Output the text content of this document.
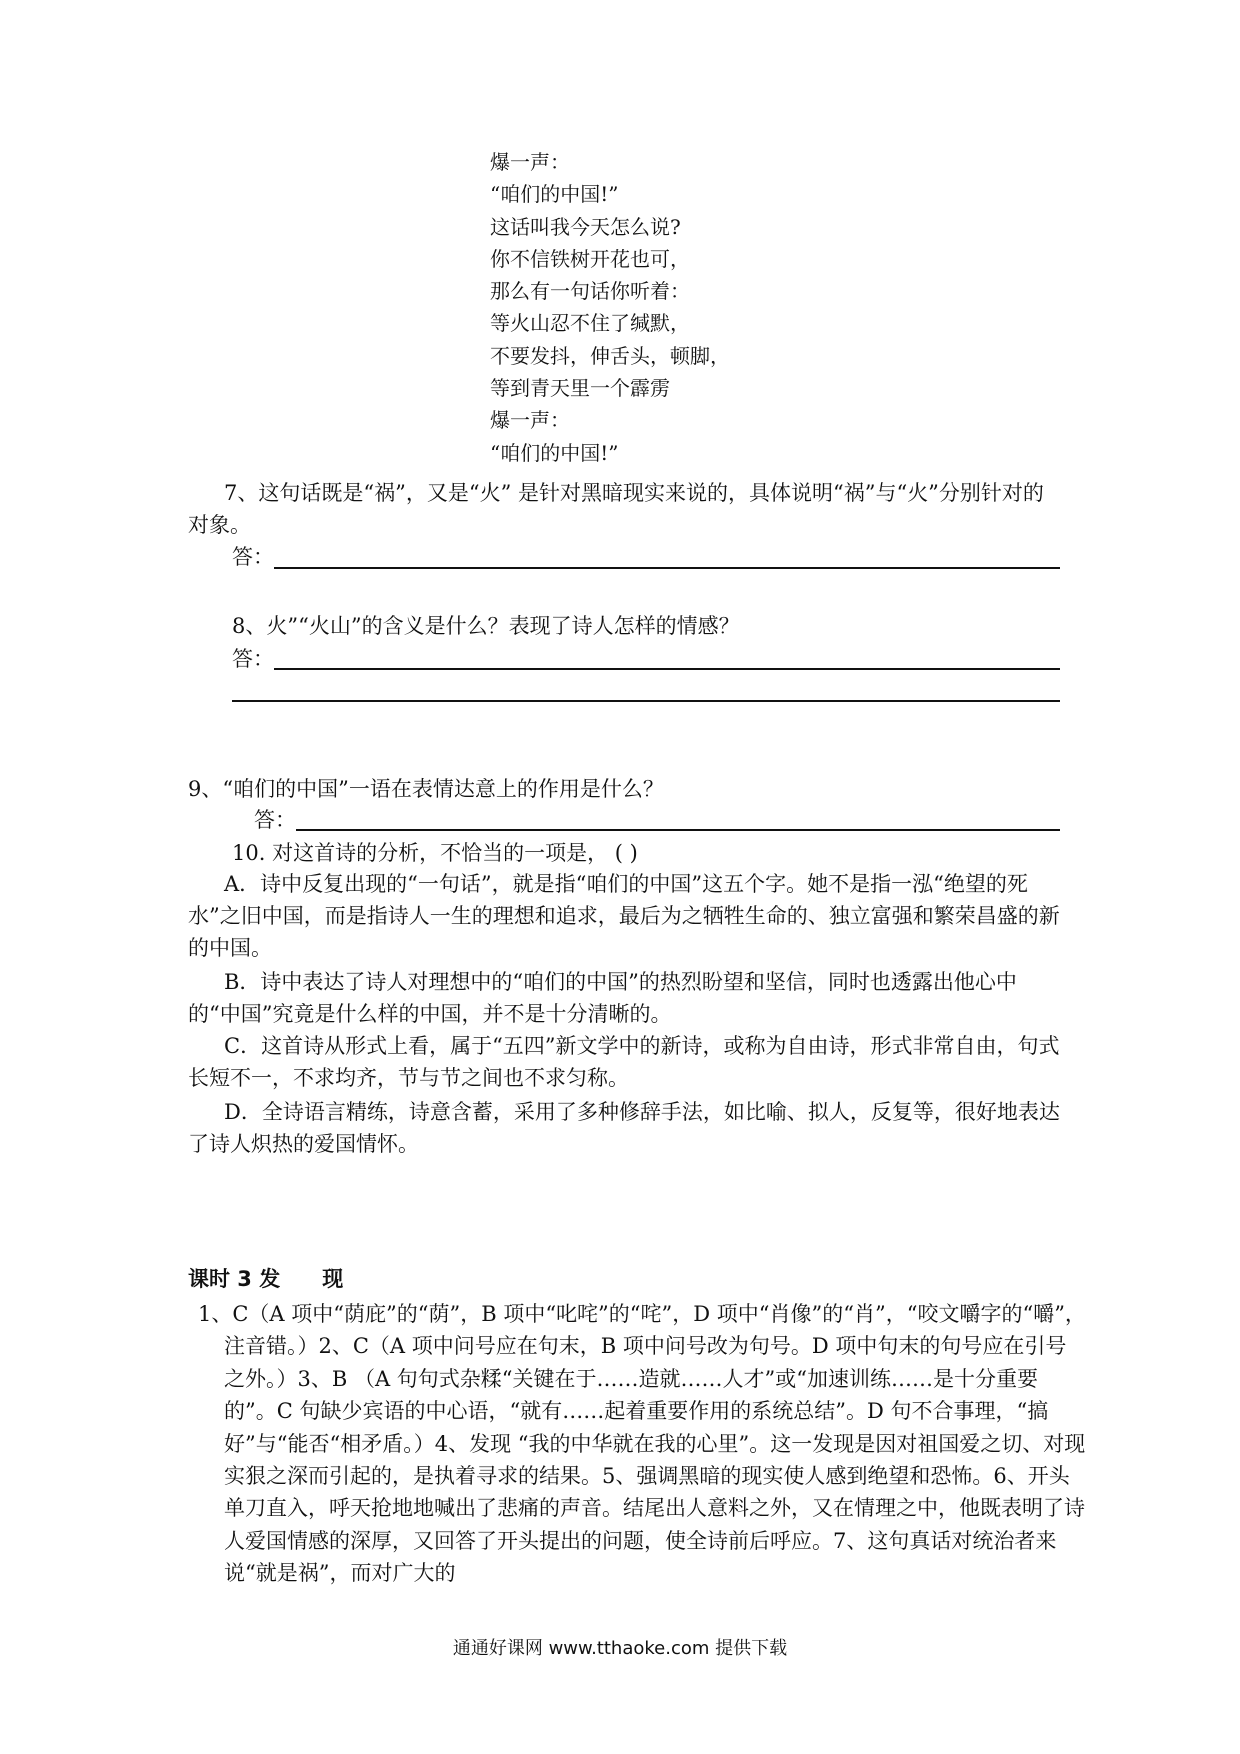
爆一声：
“咱们的中国!”
这话叫我今天怎么说?
你不信铁树开花也可，
那么有一句话你听着：
等火山忍不住了缄默，
不要发抖，伸舌头，顿脚，
等到青天里一个霹雳
爆一声：
“咱们的中国!”
7、这句话既是“祸”，又是“火” 是针对黑暗现实来说的，具体说明“祸”与“火”分别针对的对象。
答：
8、火”“火山”的含义是什么？表现了诗人怎样的情感？
答：
9、“咱们的中国”一语在表情达意上的作用是什么？
答：
10. 对这首诗的分析，不恰当的一项是， ( )
A．诗中反复出现的“一句话”，就是指“咱们的中国”这五个字。她不是指一泓“绝望的死水”之旧中国，而是指诗人一生的理想和追求，最后为之牺牲生命的、独立富强和繁荣昌盛的新的中国。
B．诗中表达了诗人对理想中的“咱们的中国”的热烈盼望和坚信，同时也透露出他心中的“中国”究竟是什么样的中国，并不是十分清晰的。
C．这首诗从形式上看，属于“五四”新文学中的新诗，或称为自由诗，形式非常自由，句式长短不一，不求均齐，节与节之间也不求匀称。
D．全诗语言精练，诗意含蓄，采用了多种修辞手法，如比喻、拟人，反复等，很好地表达了诗人炽热的爱国情怀。
课时 3 发　　现
1、C（A 项中“荫庇”的“荫”，B 项中“叱咤”的“咤”，D 项中“肖像”的“肖”，“咬文嚼字的“嚼”， 注音错。）2、C（A 项中问号应在句末，B 项中问号改为句号。D 项中句末的句号应在引号之外。）3、B （A 句句式杂糅“关键在于……造就……人才”或“加速训练……是十分重要的”。C 句缺少宾语的中心语，“就有……起着重要作用的系统总结”。D 句不合事理，“搞好”与“能否“相矛盾。）4、发现 “我的中华就在我的心里”。这一发现是因对祖国爱之切、对现实狠之深而引起的，是执着寻求的结果。5、强调黑暗的现实使人感到绝望和恐怖。6、开头单刀直入，呼天抢地地喊出了悲痛的声音。结尾出人意料之外，又在情理之中，他既表明了诗人爱国情感的深厚，又回答了开头提出的问题，使全诗前后呼应。7、这句真话对统治者来说“就是祸”，而对广大的
通通好课网 www.tthaoke.com 提供下载
